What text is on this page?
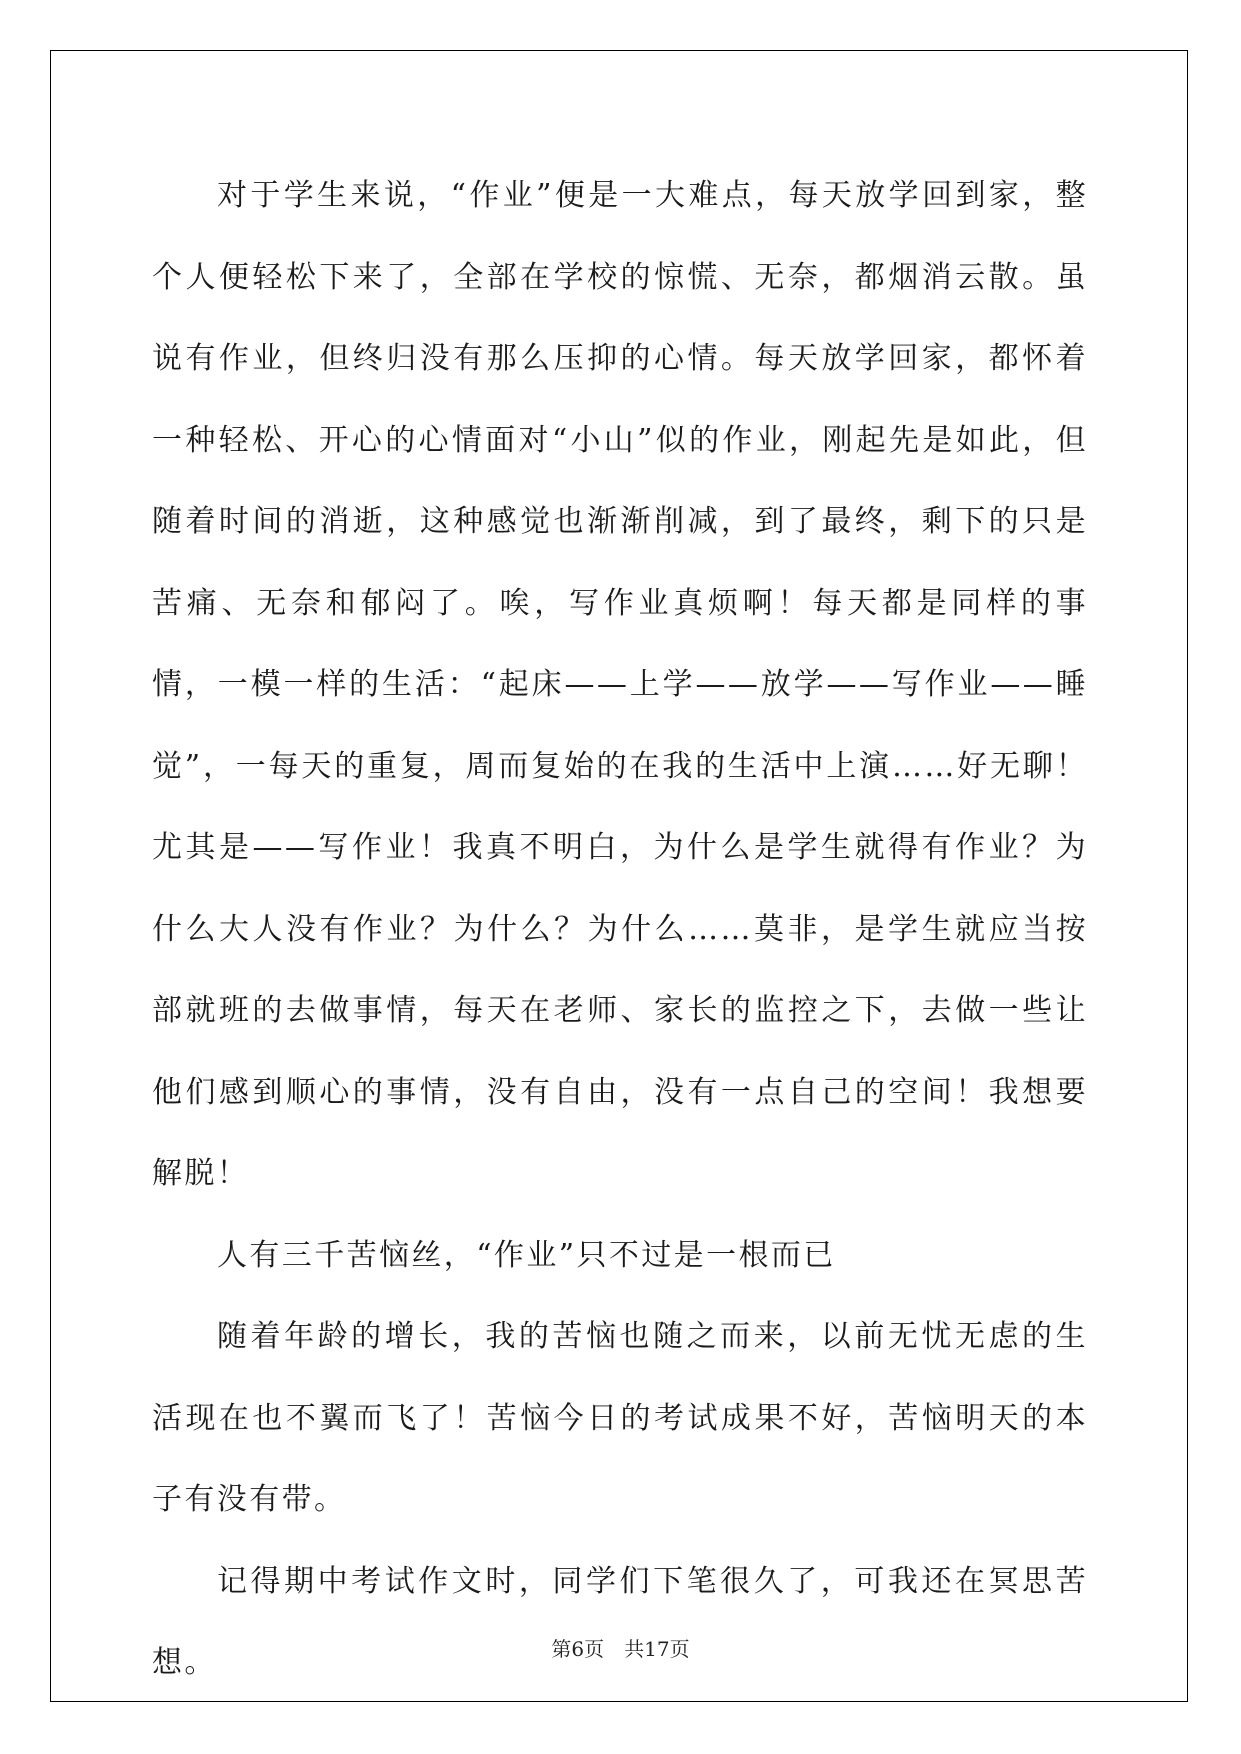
对于学生来说，“作业”便是一大难点，每天放学回到家，整个人便轻松下来了，全部在学校的惊慌、无奈，都烟消云散。虽说有作业，但终归没有那么压抑的心情。每天放学回家，都怀着一种轻松、开心的心情面对“小山”似的作业，刚起先是如此，但随着时间的消逝，这种感觉也渐渐削减，到了最终，剩下的只是苦痛、无奈和郁闷了。唉，写作业真烦啊！每天都是同样的事情，一模一样的生活：“起床——上学——放学——写作业——睡觉”，一每天的重复，周而复始的在我的生活中上演……好无聊！尤其是——写作业！我真不明白，为什么是学生就得有作业？为什么大人没有作业？为什么？为什么……莫非，是学生就应当按部就班的去做事情，每天在老师、家长的监控之下，去做一些让他们感到顺心的事情，没有自由，没有一点自己的空间！我想要解脱！

人有三千苦恼丝，“作业”只不过是一根而已

随着年龄的增长，我的苦恼也随之而来，以前无忧无虑的生活现在也不翼而飞了！苦恼今日的考试成果不好，苦恼明天的本子有没有带。

记得期中考试作文时，同学们下笔很久了，可我还在冥思苦想。	第6页 共17页
